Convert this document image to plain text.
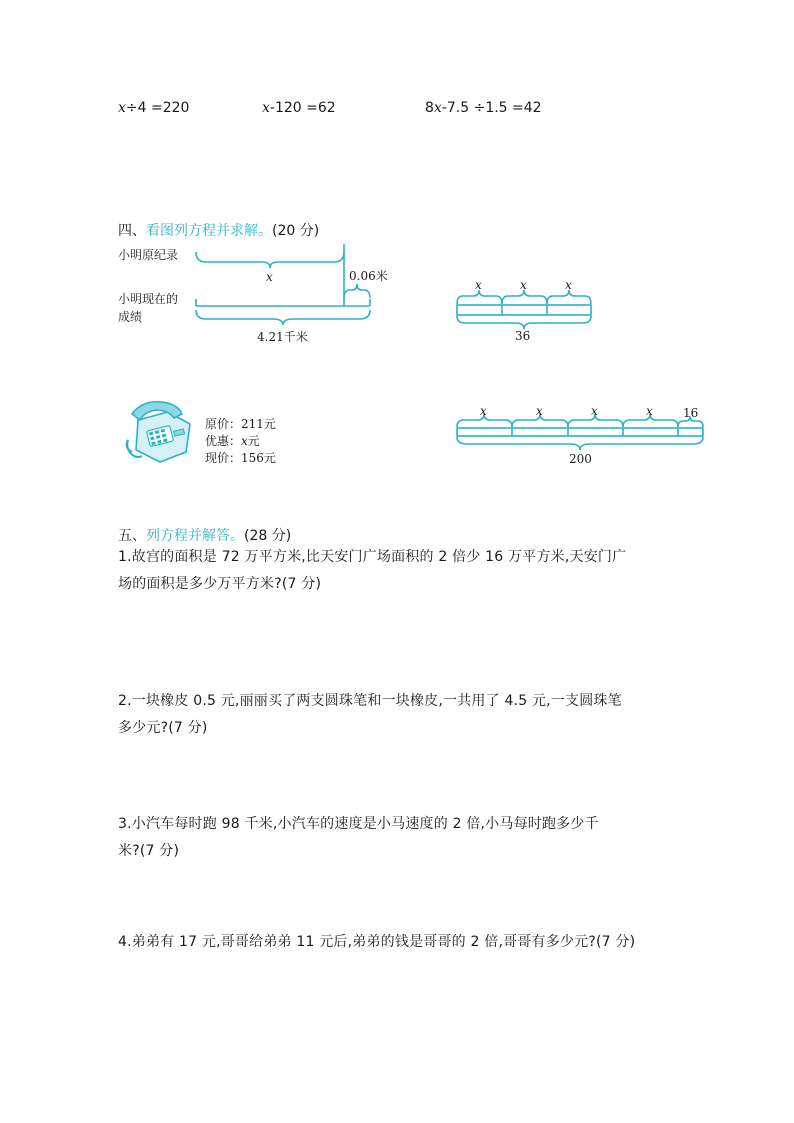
x÷4 =220	x-120 =62	8x-7.5 ÷1.5 =42
四、看图列方程并求解。(20 分)
小明原纪录
小明现在的
成绩
x	0.06米
4.21千米
x	x	x
36
原价：211元
优惠：x元
现价：156元
x	x	x	x	16
200
五、列方程并解答。(28 分)
1.故宫的面积是 72 万平方米,比天安门广场面积的 2 倍少 16 万平方米,天安门广
场的面积是多少万平方米?(7 分)
2.一块橡皮 0.5 元,丽丽买了两支圆珠笔和一块橡皮,一共用了 4.5 元,一支圆珠笔
多少元?(7 分)
3.小汽车每时跑 98 千米,小汽车的速度是小马速度的 2 倍,小马每时跑多少千
米?(7 分)
4.弟弟有 17 元,哥哥给弟弟 11 元后,弟弟的钱是哥哥的 2 倍,哥哥有多少元?(7 分)
